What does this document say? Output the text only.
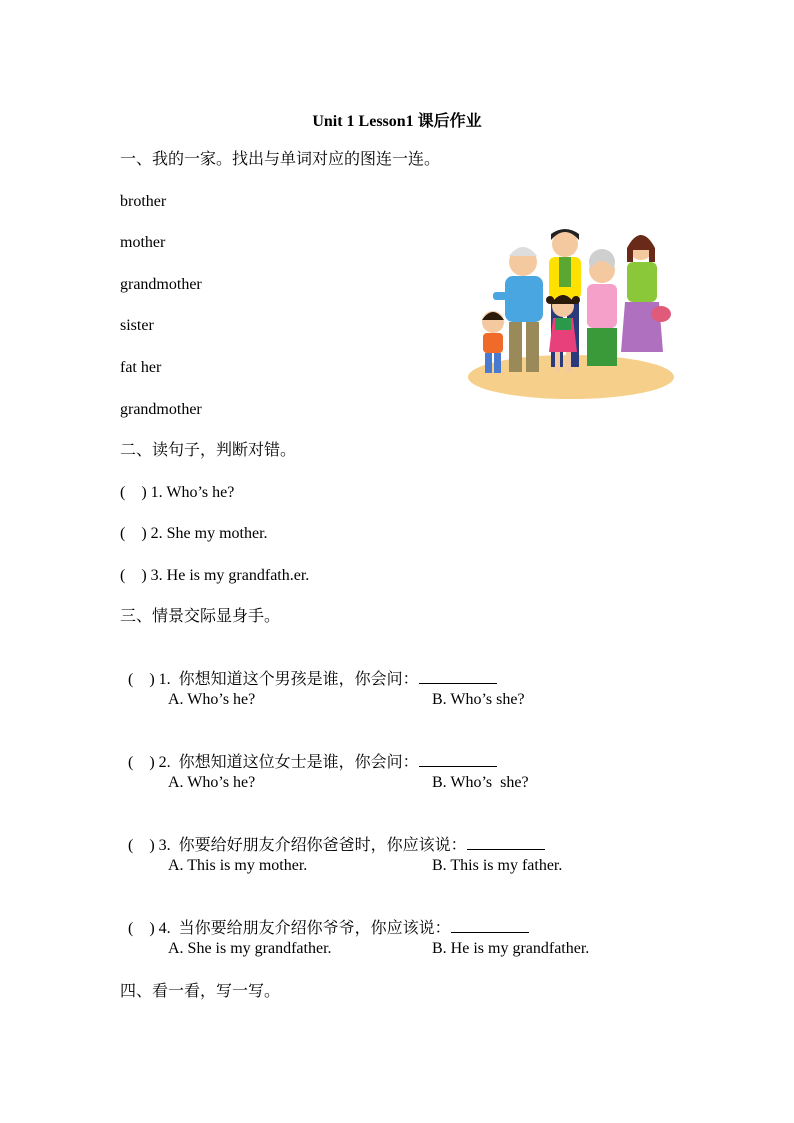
Unit 1 Lesson1 课后作业
一、我的一家。找出与单词对应的图连一连。
brother
mother
grandmother
sister
fat her
grandmother
二、读句子，判断对错。
(    ) 1. Who’s he?
(    ) 2. She my mother.
(    ) 3. He is my grandfath.er.
三、情景交际显身手。

(    ) 1.  你想知道这个男孩是谁，你会问：

A. Who’s he?	B. Who’s she?

(    ) 2.  你想知道这位女士是谁，你会问：

A. Who’s he?	B. Who’s  she?

(    ) 3.  你要给好朋友介绍你爸爸时，你应该说：

A. This is my mother.	B. This is my father.

(    ) 4.  当你要给朋友介绍你爷爷，你应该说：

A. She is my grandfather.	B. He is my grandfather.
四、看一看，写一写。
